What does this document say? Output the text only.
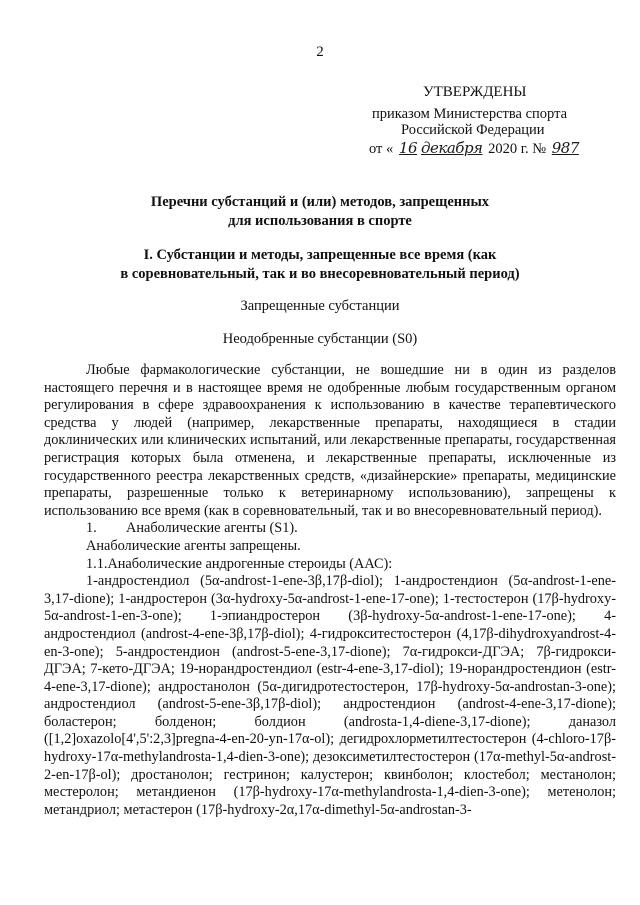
2
УТВЕРЖДЕНЫ
приказом Министерства спорта
Российской Федерации
от « 16 декабря 2020 г. № 987
Перечни субстанций и (или) методов, запрещенных
для использования в спорте
I. Субстанции и методы, запрещенные все время (как
в соревновательный, так и во внесоревновательный период)
Запрещенные субстанции
Неодобренные субстанции (S0)

Любые фармакологические субстанции, не вошедшие ни в один из разделов настоящего перечня и в настоящее время не одобренные любым государственным органом регулирования в сфере здравоохранения к использованию в качестве терапевтического средства у людей (например, лекарственные препараты, находящиеся в стадии доклинических или клинических испытаний, или лекарственные препараты, государственная регистрация которых была отменена, и лекарственные препараты, исключенные из государственного реестра лекарственных средств, «дизайнерские» препараты, медицинские препараты, разрешенные только к ветеринарному использованию), запрещены к использованию все время (как в соревновательный, так и во внесоревновательный период).

1. Анаболические агенты (S1).

Анаболические агенты запрещены.

1.1.Анаболические андрогенные стероиды (ААС):

1-андростендиол (5α-androst-1-ene-3β,17β-diol); 1-андростендион (5α-androst-1-ene-3,17-dione); 1-андростерон (3α-hydroxy-5α-androst-1-ene-17-one); 1-тестостерон (17β-hydroxy-5α-androst-1-en-3-one); 1-эпиандростерон (3β-hydroxy-5α-androst-1-ene-17-one); 4-андростендиол (androst-4-ene-3β,17β-diol); 4-гидрокситестостерон (4,17β-dihydroxyandrost-4-en-3-one); 5-андростендион (androst-5-ene-3,17-dione); 7α-гидрокси-ДГЭА; 7β-гидрокси-ДГЭА; 7-кето-ДГЭА; 19-норандростендиол (estr-4-ene-3,17-diol); 19-норандростендион (estr-4-ene-3,17-dione); андростанолон (5α-дигидротестостерон, 17β-hydroxy-5α-androstan-3-one); андростендиол (androst-5-ene-3β,17β-diol); андростендион (androst-4-ene-3,17-dione); боластерон; болденон; болдион (androsta-1,4-diene-3,17-dione); даназол ([1,2]oxazolo[4',5':2,3]pregna-4-en-20-yn-17α-ol); дегидрохлорметилтестостерон (4-chloro-17β-hydroxy-17α-methylandrosta-1,4-dien-3-one); дезоксиметилтестостерон (17α-methyl-5α-androst-2-en-17β-ol); дростанолон; гестринон; калустерон; квинболон; клостебол; местанолон; местеролон; метандиенон (17β-hydroxy-17α-methylandrosta-1,4-dien-3-one); метенолон; метандриол; метастерон (17β-hydroxy-2α,17α-dimethyl-5α-androstan-3-
